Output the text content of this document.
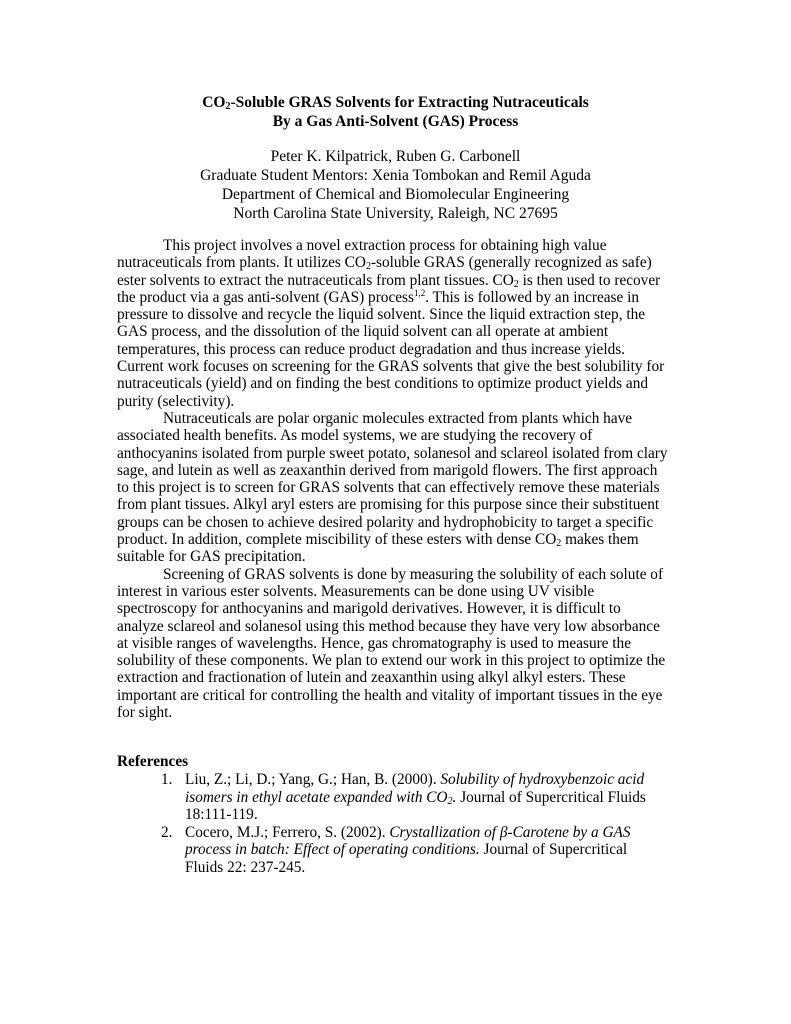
$CO_2$-Soluble GRAS Solvents for Extracting Nutraceuticals
By a Gas Anti-Solvent (GAS) Process
Peter K. Kilpatrick, Ruben G. Carbonell
Graduate Student Mentors: Xenia Tombokan and Remil Aguda
Department of Chemical and Biomolecular Engineering
North Carolina State University, Raleigh, NC 27695
This project involves a novel extraction process for obtaining high value
nutraceuticals from plants. It utilizes $CO_2$-soluble GRAS (generally recognized as safe)
ester solvents to extract the nutraceuticals from plant tissues. $CO_2$ is then used to recover
the product via a gas anti-solvent (GAS) process$^{1,2}$. This is followed by an increase in
pressure to dissolve and recycle the liquid solvent. Since the liquid extraction step, the
GAS process, and the dissolution of the liquid solvent can all operate at ambient
temperatures, this process can reduce product degradation and thus increase yields.
Current work focuses on screening for the GRAS solvents that give the best solubility for
nutraceuticals (yield) and on finding the best conditions to optimize product yields and
purity (selectivity).
Nutraceuticals are polar organic molecules extracted from plants which have
associated health benefits. As model systems, we are studying the recovery of
anthocyanins isolated from purple sweet potato, solanesol and sclareol isolated from clary
sage, and lutein as well as zeaxanthin derived from marigold flowers. The first approach
to this project is to screen for GRAS solvents that can effectively remove these materials
from plant tissues. Alkyl aryl esters are promising for this purpose since their substituent
groups can be chosen to achieve desired polarity and hydrophobicity to target a specific
product. In addition, complete miscibility of these esters with dense $CO_2$ makes them
suitable for GAS precipitation.
Screening of GRAS solvents is done by measuring the solubility of each solute of
interest in various ester solvents. Measurements can be done using UV visible
spectroscopy for anthocyanins and marigold derivatives. However, it is difficult to
analyze sclareol and solanesol using this method because they have very low absorbance
at visible ranges of wavelengths. Hence, gas chromatography is used to measure the
solubility of these components. We plan to extend our work in this project to optimize the
extraction and fractionation of lutein and zeaxanthin using alkyl alkyl esters. These
important are critical for controlling the health and vitality of important tissues in the eye
for sight.
References
1. Liu, Z.; Li, D.; Yang, G.; Han, B. (2000). Solubility of hydroxybenzoic acid
isomers in ethyl acetate expanded with $CO_2$. Journal of Supercritical Fluids
18:111-119.
2. Cocero, M.J.; Ferrero, S. (2002). Crystallization of β-Carotene by a GAS
process in batch: Effect of operating conditions. Journal of Supercritical
Fluids 22: 237-245.
